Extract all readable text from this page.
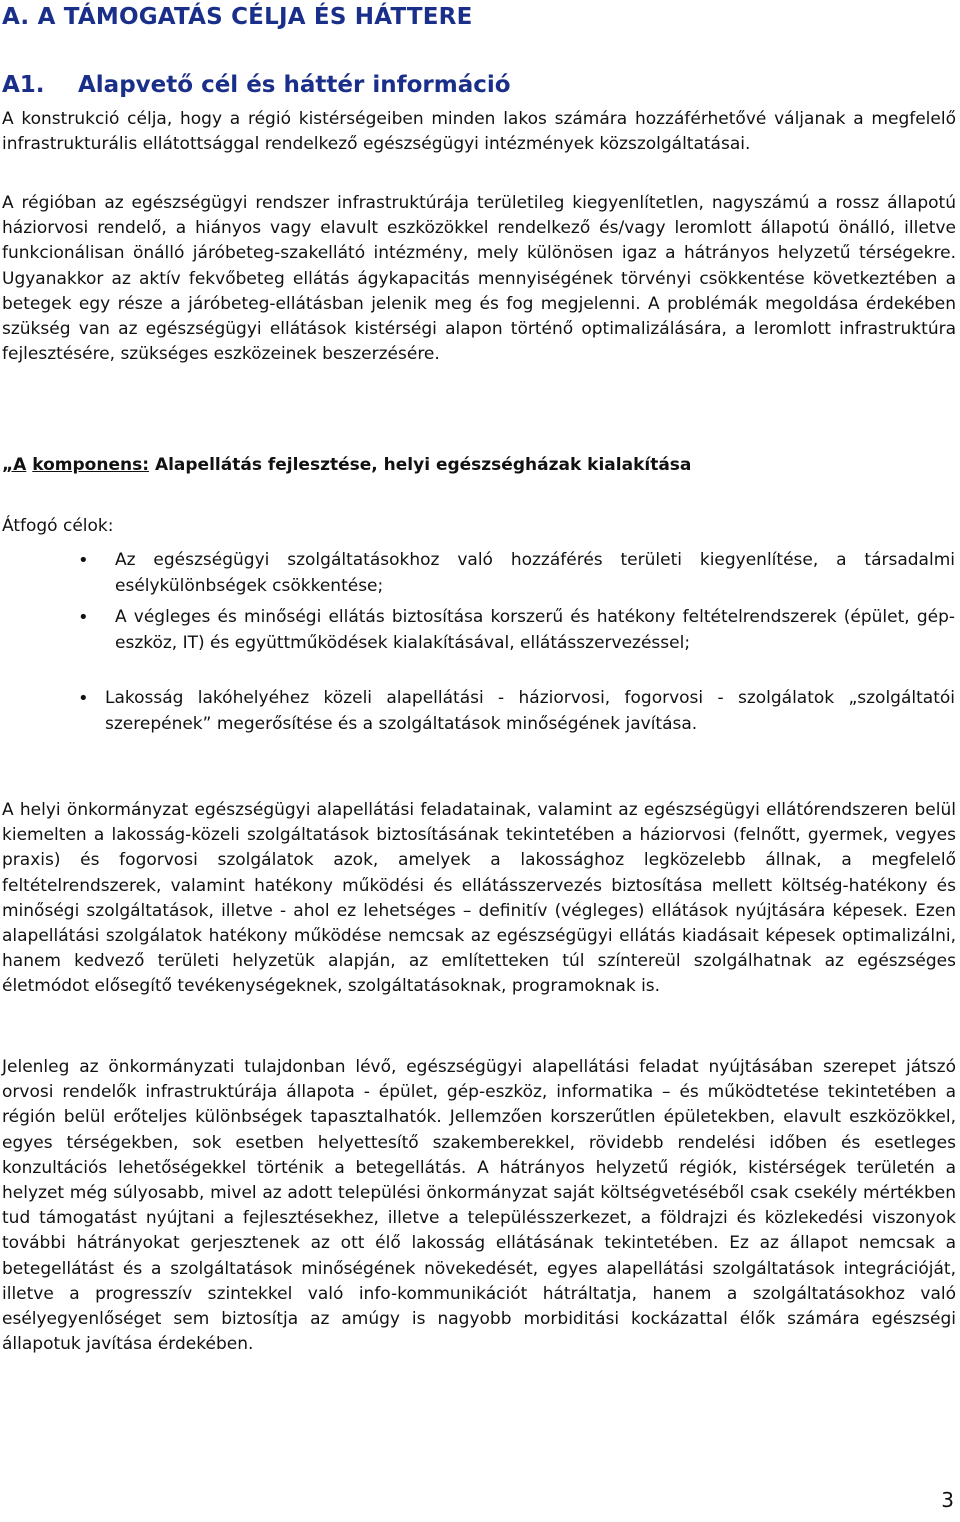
A. A TÁMOGATÁS CÉLJA ÉS HÁTTERE
A1. Alapvető cél és háttér információ

A konstrukció célja, hogy a régió kistérségeiben minden lakos számára hozzáférhetővé váljanak a megfelelő infrastrukturális ellátottsággal rendelkező egészségügyi intézmények közszolgáltatásai.

A régióban az egészségügyi rendszer infrastruktúrája területileg kiegyenlítetlen, nagyszámú a rossz állapotú háziorvosi rendelő, a hiányos vagy elavult eszközökkel rendelkező és/vagy leromlott állapotú önálló, illetve funkcionálisan önálló járóbeteg-szakellátó intézmény, mely különösen igaz a hátrányos helyzetű térségekre. Ugyanakkor az aktív fekvőbeteg ellátás ágykapacitás mennyiségének törvényi csökkentése következtében a betegek egy része a járóbeteg-ellátásban jelenik meg és fog megjelenni. A problémák megoldása érdekében szükség van az egészségügyi ellátások kistérségi alapon történő optimalizálására, a leromlott infrastruktúra fejlesztésére, szükséges eszközeinek beszerzésére.

„A komponens: Alapellátás fejlesztése, helyi egészségházak kialakítása

Átfogó célok:

• Az egészségügyi szolgáltatásokhoz való hozzáférés területi kiegyenlítése, a társadalmi esélykülönbségek csökkentése;

• A végleges és minőségi ellátás biztosítása korszerű és hatékony feltételrendszerek (épület, gép-eszköz, IT) és együttműködések kialakításával, ellátásszervezéssel;

• Lakosság lakóhelyéhez közeli alapellátási - háziorvosi, fogorvosi - szolgálatok „szolgáltatói szerepének” megerősítése és a szolgáltatások minőségének javítása.

A helyi önkormányzat egészségügyi alapellátási feladatainak, valamint az egészségügyi ellátórendszeren belül kiemelten a lakosság-közeli szolgáltatások biztosításának tekintetében a háziorvosi (felnőtt, gyermek, vegyes praxis) és fogorvosi szolgálatok azok, amelyek a lakossághoz legközelebb állnak, a megfelelő feltételrendszerek, valamint hatékony működési és ellátásszervezés biztosítása mellett költség-hatékony és minőségi szolgáltatások, illetve - ahol ez lehetséges – definitív (végleges) ellátások nyújtására képesek. Ezen alapellátási szolgálatok hatékony működése nemcsak az egészségügyi ellátás kiadásait képesek optimalizálni, hanem kedvező területi helyzetük alapján, az említetteken túl színtereül szolgálhatnak az egészséges életmódot elősegítő tevékenységeknek, szolgáltatásoknak, programoknak is.

Jelenleg az önkormányzati tulajdonban lévő, egészségügyi alapellátási feladat nyújtásában szerepet játszó orvosi rendelők infrastruktúrája állapota - épület, gép-eszköz, informatika – és működtetése tekintetében a régión belül erőteljes különbségek tapasztalhatók. Jellemzően korszerűtlen épületekben, elavult eszközökkel, egyes térségekben, sok esetben helyettesítő szakemberekkel, rövidebb rendelési időben és esetleges konzultációs lehetőségekkel történik a betegellátás. A hátrányos helyzetű régiók, kistérségek területén a helyzet még súlyosabb, mivel az adott települési önkormányzat saját költségvetéséből csak csekély mértékben tud támogatást nyújtani a fejlesztésekhez, illetve a településszerkezet, a földrajzi és közlekedési viszonyok további hátrányokat gerjesztenek az ott élő lakosság ellátásának tekintetében. Ez az állapot nemcsak a betegellátást és a szolgáltatások minőségének növekedését, egyes alapellátási szolgáltatások integrációját, illetve a progresszív szintekkel való info-kommunikációt hátráltatja, hanem a szolgáltatásokhoz való esélyegyenlőséget sem biztosítja az amúgy is nagyobb morbiditási kockázattal élők számára egészségi állapotuk javítása érdekében.

3
